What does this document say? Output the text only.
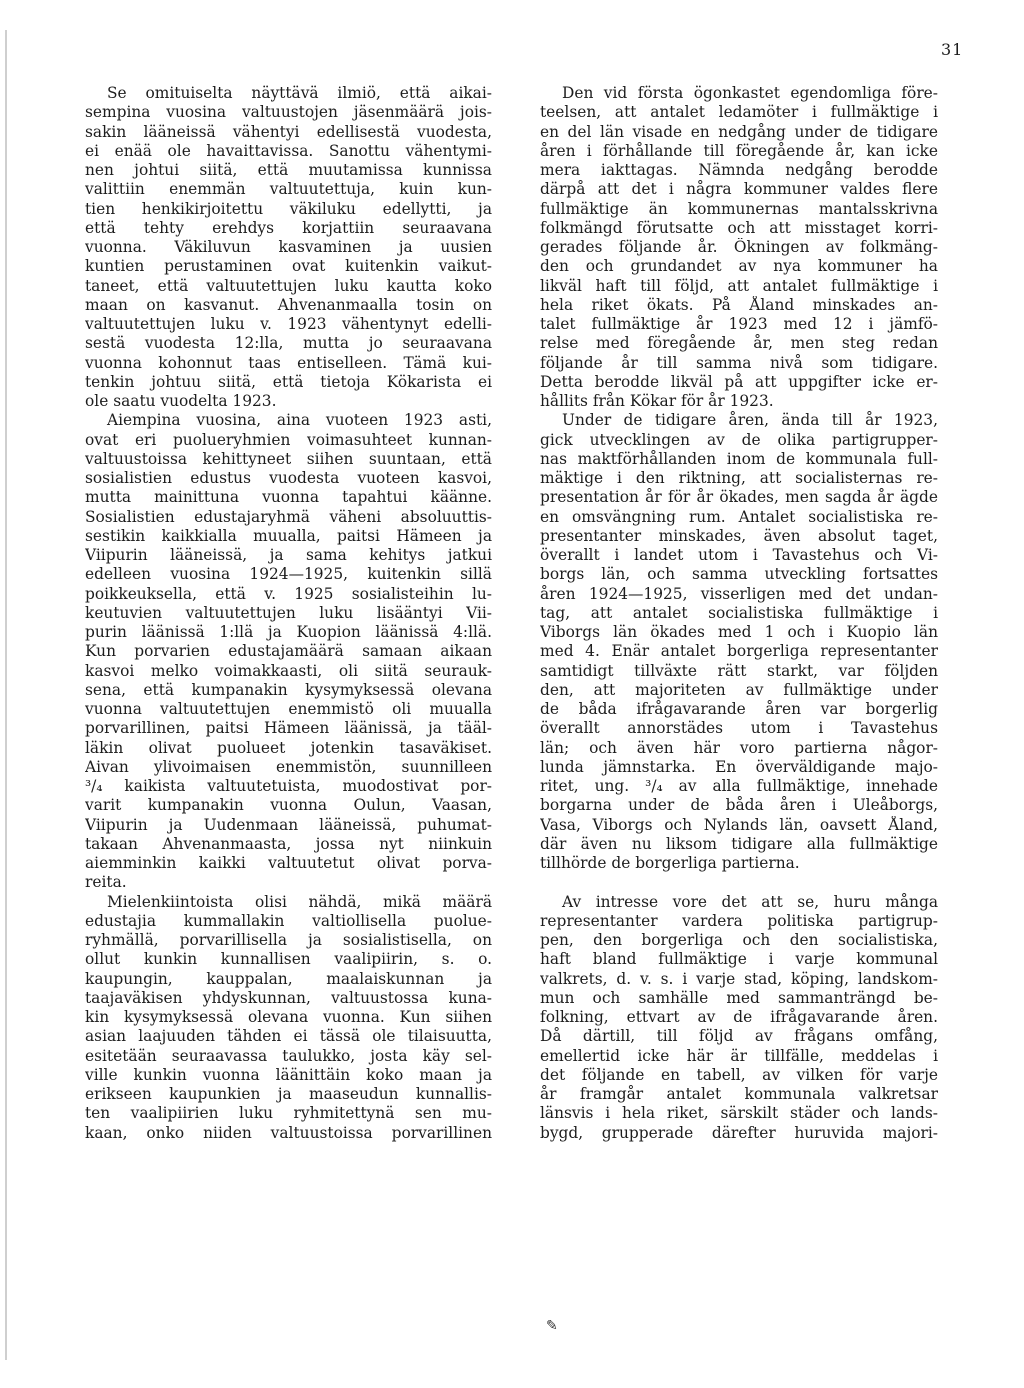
31
Se omituiselta näyttävä ilmiö, että aikai-
sempina vuosina valtuustojen jäsenmäärä jois-
sakin lääneissä vähentyi edellisestä vuodesta,
ei enää ole havaittavissa. Sanottu vähentymi-
nen johtui siitä, että muutamissa kunnissa
valittiin enemmän valtuutettuja, kuin kun-
tien henkikirjoitettu väkiluku edellytti, ja
että tehty erehdys korjattiin seuraavana
vuonna. Väkiluvun kasvaminen ja uusien
kuntien perustaminen ovat kuitenkin vaikut-
taneet, että valtuutettujen luku kautta koko
maan on kasvanut. Ahvenanmaalla tosin on
valtuutettujen luku v. 1923 vähentynyt edelli-
sestä vuodesta 12:lla, mutta jo seuraavana
vuonna kohonnut taas entiselleen. Tämä kui-
tenkin johtuu siitä, että tietoja Kökarista ei
ole saatu vuodelta 1923.
Aiempina vuosina, aina vuoteen 1923 asti,
ovat eri puolueryhmien voimasuhteet kunnan-
valtuustoissa kehittyneet siihen suuntaan, että
sosialistien edustus vuodesta vuoteen kasvoi,
mutta mainittuna vuonna tapahtui käänne.
Sosialistien edustajaryhmä väheni absoluuttis-
sestikin kaikkialla muualla, paitsi Hämeen ja
Viipurin lääneissä, ja sama kehitys jatkui
edelleen vuosina 1924—1925, kuitenkin sillä
poikkeuksella, että v. 1925 sosialisteihin lu-
keutuvien valtuutettujen luku lisääntyi Vii-
purin läänissä 1:llä ja Kuopion läänissä 4:llä.
Kun porvarien edustajamäärä samaan aikaan
kasvoi melko voimakkaasti, oli siitä seurauk-
sena, että kumpanakin kysymyksessä olevana
vuonna valtuutettujen enemmistö oli muualla
porvarillinen, paitsi Hämeen läänissä, ja tääl-
läkin olivat puolueet jotenkin tasaväkiset.
Aivan ylivoimaisen enemmistön, suunnilleen
³/₄ kaikista valtuutetuista, muodostivat por-
varit kumpanakin vuonna Oulun, Vaasan,
Viipurin ja Uudenmaan lääneissä, puhumat-
takaan Ahvenanmaasta, jossa nyt niinkuin
aiemminkin kaikki valtuutetut olivat porva-
reita.
Mielenkiintoista olisi nähdä, mikä määrä
edustajia kummallakin valtiollisella puolue-
ryhmällä, porvarillisella ja sosialistisella, on
ollut kunkin kunnallisen vaalipiirin, s. o.
kaupungin, kauppalan, maalaiskunnan ja
taajaväkisen yhdyskunnan, valtuustossa kuna-
kin kysymyksessä olevana vuonna. Kun siihen
asian laajuuden tähden ei tässä ole tilaisuutta,
esitetään seuraavassa taulukko, josta käy sel-
ville kunkin vuonna läänittäin koko maan ja
erikseen kaupunkien ja maaseudun kunnallis-
ten vaalipiirien luku ryhmitettynä sen mu-
kaan, onko niiden valtuustoissa porvarillinen
Den vid första ögonkastet egendomliga före-
teelsen, att antalet ledamöter i fullmäktige i
en del län visade en nedgång under de tidigare
åren i förhållande till föregående år, kan icke
mera iakttagas. Nämnda nedgång berodde
därpå att det i några kommuner valdes flere
fullmäktige än kommunernas mantalsskrivna
folkmängd förutsatte och att misstaget korri-
gerades följande år. Ökningen av folkmäng-
den och grundandet av nya kommuner ha
likväl haft till följd, att antalet fullmäktige i
hela riket ökats. På Åland minskades an-
talet fullmäktige år 1923 med 12 i jämfö-
relse med föregående år, men steg redan
följande år till samma nivå som tidigare.
Detta berodde likväl på att uppgifter icke er-
hållits från Kökar för år 1923.
Under de tidigare åren, ända till år 1923,
gick utvecklingen av de olika partigrupper-
nas maktförhållanden inom de kommunala full-
mäktige i den riktning, att socialisternas re-
presentation år för år ökades, men sagda år ägde
en omsvängning rum. Antalet socialistiska re-
presentanter minskades, även absolut taget,
överallt i landet utom i Tavastehus och Vi-
borgs län, och samma utveckling fortsattes
åren 1924—1925, visserligen med det undan-
tag, att antalet socialistiska fullmäktige i
Viborgs län ökades med 1 och i Kuopio län
med 4. Enär antalet borgerliga representanter
samtidigt tillväxte rätt starkt, var följden
den, att majoriteten av fullmäktige under
de båda ifrågavarande åren var borgerlig
överallt annorstädes utom i Tavastehus
län; och även här voro partierna någor-
lunda jämnstarka. En överväldigande majo-
ritet, ung. ³/₄ av alla fullmäktige, innehade
borgarna under de båda åren i Uleåborgs,
Vasa, Viborgs och Nylands län, oavsett Åland,
där även nu liksom tidigare alla fullmäktige
tillhörde de borgerliga partierna.
Av intresse vore det att se, huru många
representanter vardera politiska partigrup-
pen, den borgerliga och den socialistiska,
haft bland fullmäktige i varje kommunal
valkrets, d. v. s. i varje stad, köping, landskom-
mun och samhälle med sammanträngd be-
folkning, ettvart av de ifrågavarande åren.
Då därtill, till följd av frågans omfång,
emellertid icke här är tillfälle, meddelas i
det följande en tabell, av vilken för varje
år framgår antalet kommunala valkretsar
länsvis i hela riket, särskilt städer och lands-
bygd, grupperade därefter huruvida majori-
✎
